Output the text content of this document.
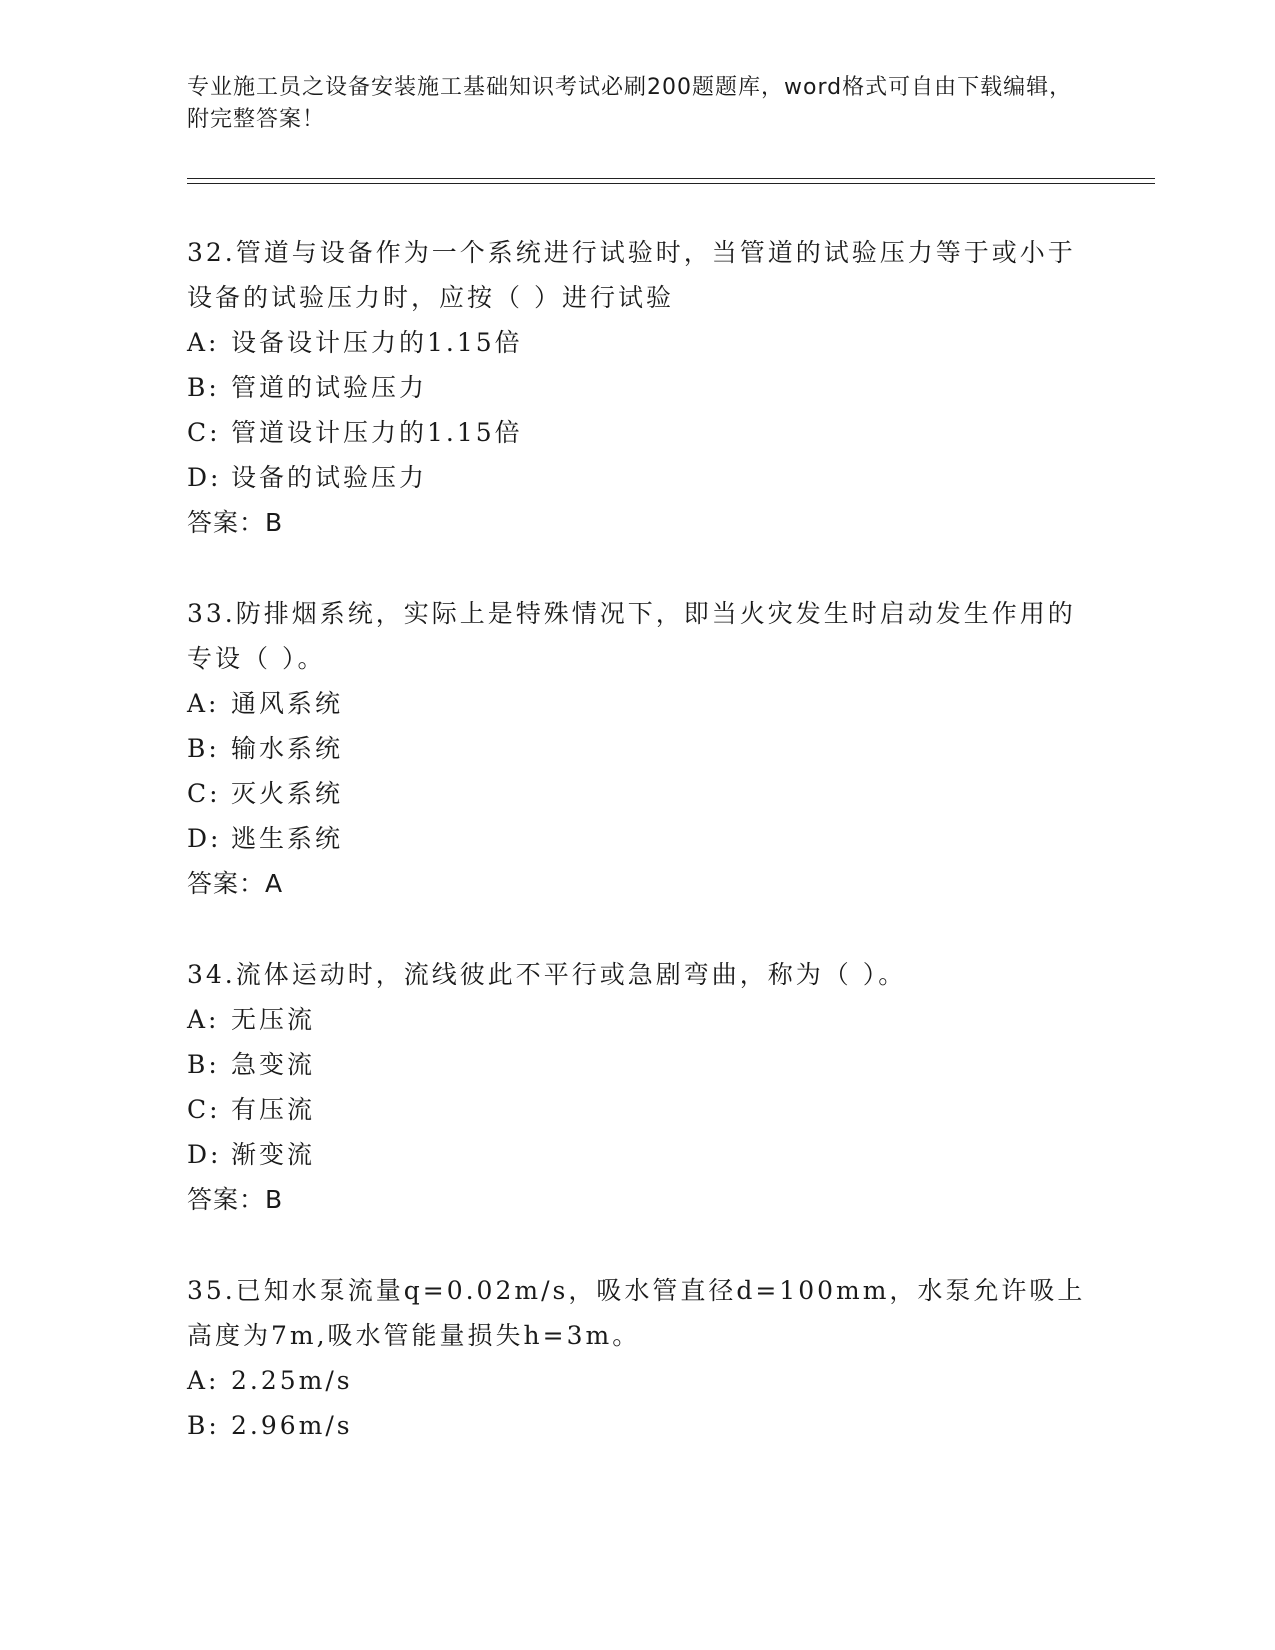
专业施工员之设备安装施工基础知识考试必刷200题题库，word格式可自由下载编辑，附完整答案！

32.管道与设备作为一个系统进行试验时，当管道的试验压力等于或小于设备的试验压力时，应按（ ）进行试验

A: 设备设计压力的1.15倍

B: 管道的试验压力

C: 管道设计压力的1.15倍

D: 设备的试验压力

答案：B

33.防排烟系统，实际上是特殊情况下，即当火灾发生时启动发生作用的专设（ ）。

A: 通风系统

B: 输水系统

C: 灭火系统

D: 逃生系统

答案：A

34.流体运动时，流线彼此不平行或急剧弯曲，称为（ ）。

A: 无压流

B: 急变流

C: 有压流

D: 渐变流

答案：B

35.已知水泵流量q=0.02m/s，吸水管直径d=100mm，水泵允许吸上高度为7m,吸水管能量损失h=3m。

A: 2.25m/s

B: 2.96m/s
